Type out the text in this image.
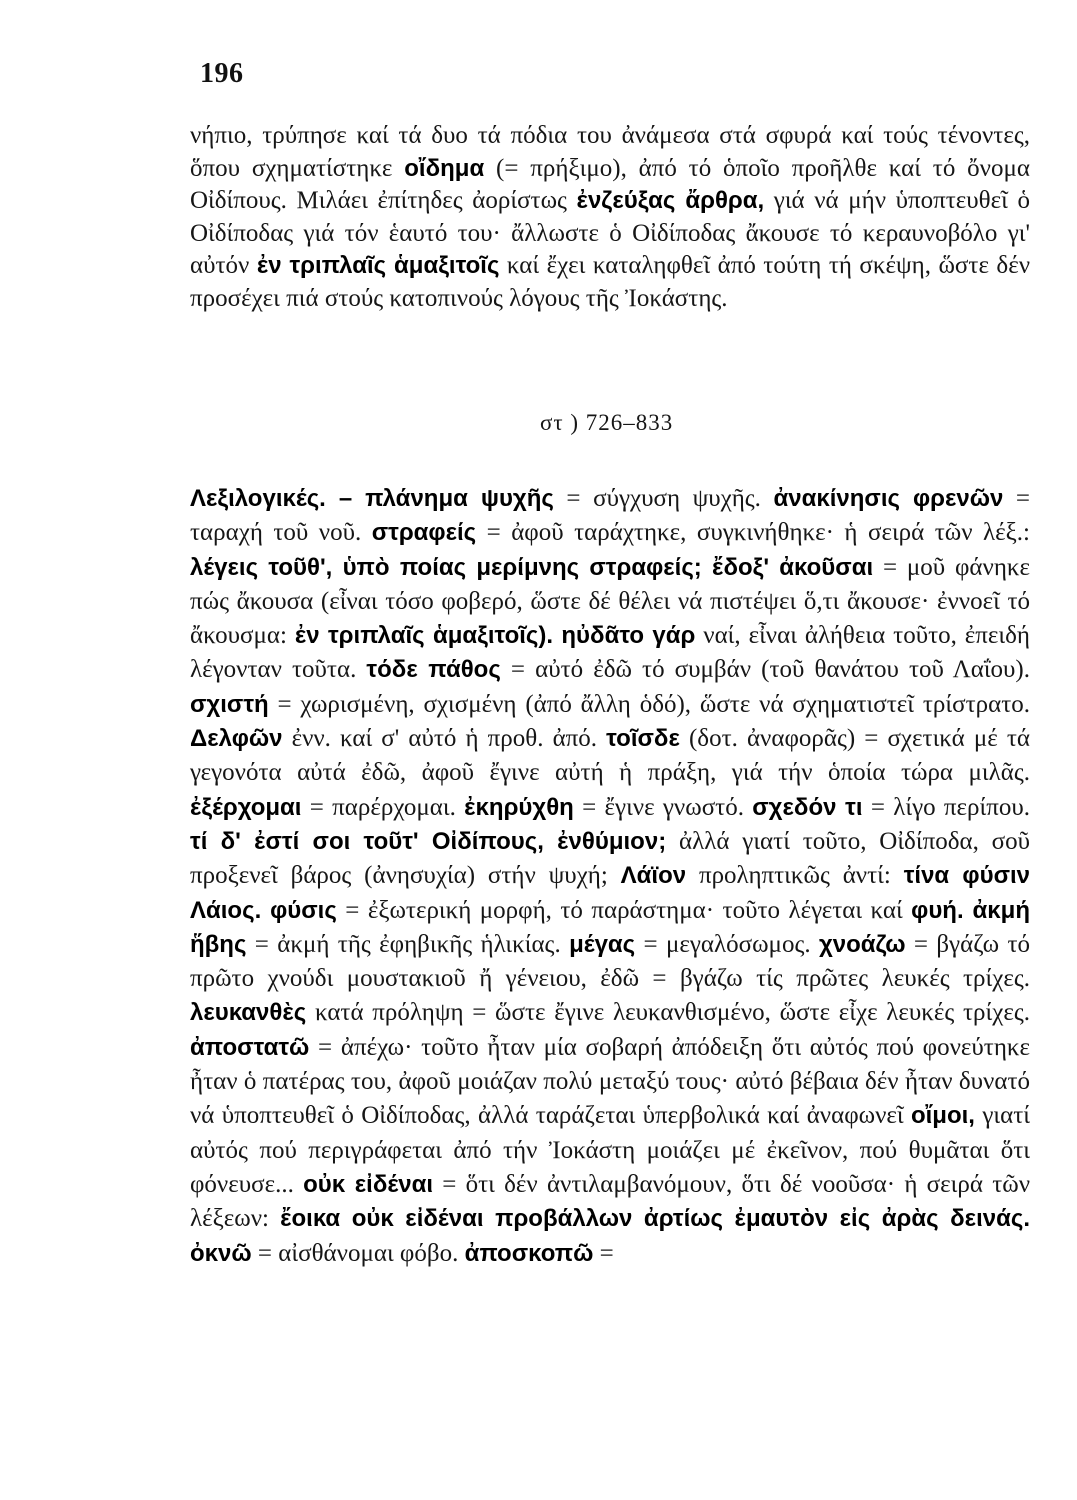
196
νήπιο, τρύπησε καί τά δυο τά πόδια του ἀνάμεσα στά σφυρά καί τούς τένοντες, ὅπου σχηματίστηκε οἴδημα (= πρήξιμο), ἀπό τό ὁποῖο προῆλθε καί τό ὄνομα Οἰδίπους. Μιλάει ἐπίτηδες ἀορίστως ἐνζεύξας ἄρθρα, γιά νά μήν ὑποπτευθεῖ ὁ Οἰδίποδας γιά τόν ἑαυτό του· ἄλλωστε ὁ Οἰδίποδας ἄκουσε τό κεραυνοβόλο γι' αὐτόν ἐν τριπλαῖς ἁμαξιτοῖς καί ἔχει καταληφθεῖ ἀπό τούτη τή σκέψη, ὥστε δέν προσέχει πιά στούς κατοπινούς λόγους τῆς Ἰοκάστης.
στ ) 726–833
Λεξιλογικές. – πλάνημα ψυχῆς = σύγχυση ψυχῆς. ἀνακίνησις φρενῶν = ταραχή τοῦ νοῦ. στραφείς = ἀφοῦ ταράχτηκε, συγκινήθηκε· ἡ σειρά τῶν λέξ.: λέγεις τοῦθ', ὑπὸ ποίας μερίμνης στραφείς; ἔδοξ' ἀκοῦσαι = μοῦ φάνηκε πώς ἄκουσα (εἶναι τόσο φοβερό, ὥστε δέ θέλει νά πιστέψει ὅ,τι ἄκουσε· ἐννοεῖ τό ἄκουσμα: ἐν τριπλαῖς ἁμαξιτοῖς). ηὐδᾶτο γάρ ναί, εἶναι ἀλήθεια τοῦτο, ἐπειδή λέγονταν τοῦτα. τόδε πάθος = αὐτό ἐδῶ τό συμβάν (τοῦ θανάτου τοῦ Λαΐου). σχιστή = χωρισμένη, σχισμένη (ἀπό ἄλλη ὁδό), ὥστε νά σχηματιστεῖ τρίστρατο. Δελφῶν ἐνν. καί σ' αὐτό ἡ προθ. ἀπό. τοῖσδε (δοτ. ἀναφορᾶς) = σχετικά μέ τά γεγονότα αὐτά ἐδῶ, ἀφοῦ ἔγινε αὐτή ἡ πράξη, γιά τήν ὁποία τώρα μιλᾶς. ἐξέρχομαι = παρέρχομαι. ἐκηρύχθη = ἔγινε γνωστό. σχεδόν τι = λίγο περίπου. τί δ' ἐστί σοι τοῦτ' Οἰδίπους, ἐνθύμιον; ἀλλά γιατί τοῦτο, Οἰδίποδα, σοῦ προξενεῖ βάρος (ἀνησυχία) στήν ψυχή; Λάϊον προληπτικῶς ἀντί: τίνα φύσιν Λάιος. φύσις = ἐξωτερική μορφή, τό παράστημα· τοῦτο λέγεται καί φυή. ἀκμή ἥβης = ἀκμή τῆς ἐφηβικῆς ἡλικίας. μέγας = μεγαλόσωμος. χνοάζω = βγάζω τό πρῶτο χνούδι μουστακιοῦ ἤ γένειου, ἐδῶ = βγάζω τίς πρῶτες λευκές τρίχες. λευκανθὲς κατά πρόληψη = ὥστε ἔγινε λευκανθισμένο, ὥστε εἶχε λευκές τρίχες. ἀποστατῶ = ἀπέχω· τοῦτο ἦταν μία σοβαρή ἀπόδειξη ὅτι αὐτός πού φονεύτηκε ἦταν ὁ πατέρας του, ἀφοῦ μοιάζαν πολύ μεταξύ τους· αὐτό βέβαια δέν ἦταν δυνατό νά ὑποπτευθεῖ ὁ Οἰδίποδας, ἀλλά ταράζεται ὑπερβολικά καί ἀναφωνεῖ οἴμοι, γιατί αὐτός πού περιγράφεται ἀπό τήν Ἰοκάστη μοιάζει μέ ἐκεῖνον, πού θυμᾶται ὅτι φόνευσε... οὐκ εἰδέναι = ὅτι δέν ἀντιλαμβανόμουν, ὅτι δέ νοοῦσα· ἡ σειρά τῶν λέξεων: ἔοικα οὐκ εἰδέναι προβάλλων ἀρτίως ἐμαυτὸν εἰς ἀρὰς δεινάς. ὀκνῶ = αἰσθάνομαι φόβο. ἀποσκοπῶ =
